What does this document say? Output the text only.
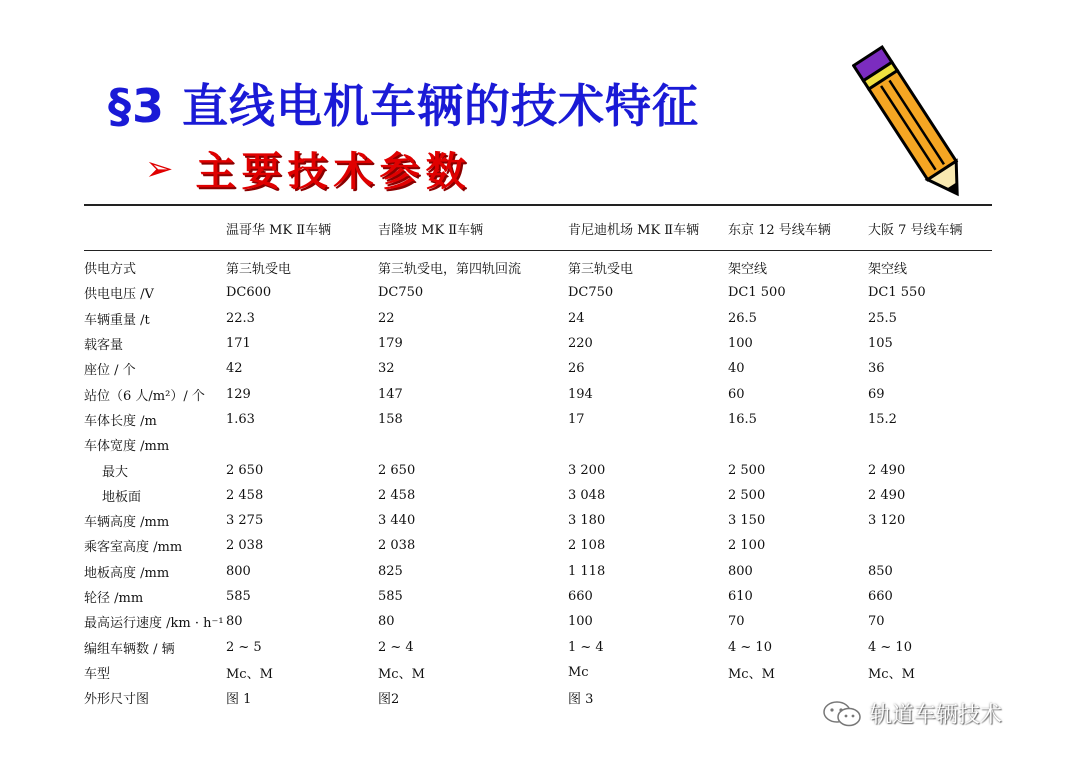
§3 直线电机车辆的技术特征
➢ 主要技术参数
	温哥华 MK Ⅱ车辆	吉隆坡 MK Ⅱ车辆	肯尼迪机场 MK Ⅱ车辆	东京 12 号线车辆	大阪 7 号线车辆

供电方式	第三轨受电	第三轨受电，第四轨回流	第三轨受电	架空线	架空线
供电电压 /V	DC600	DC750	DC750	DC1 500	DC1 550
车辆重量 /t	22.3	22	24	26.5	25.5
载客量	171	179	220	100	105
座位 / 个	42	32	26	40	36
站位（6 人/m²）/ 个	129	147	194	60	69
车体长度 /m	1.63	158	17	16.5	15.2
车体宽度 /mm					
最大	2 650	2 650	3 200	2 500	2 490
地板面	2 458	2 458	3 048	2 500	2 490
车辆高度 /mm	3 275	3 440	3 180	3 150	3 120
乘客室高度 /mm	2 038	2 038	2 108	2 100	
地板高度 /mm	800	825	1 118	800	850
轮径 /mm	585	585	660	610	660
最高运行速度 /km · h⁻¹	80	80	100	70	70
编组车辆数 / 辆	2 ~ 5	2 ~ 4	1 ~ 4	4 ~ 10	4 ~ 10
车型	Mc、M	Mc、M	Mc	Mc、M	Mc、M
外形尺寸图	图 1	图2	图 3		
轨道车辆技术
